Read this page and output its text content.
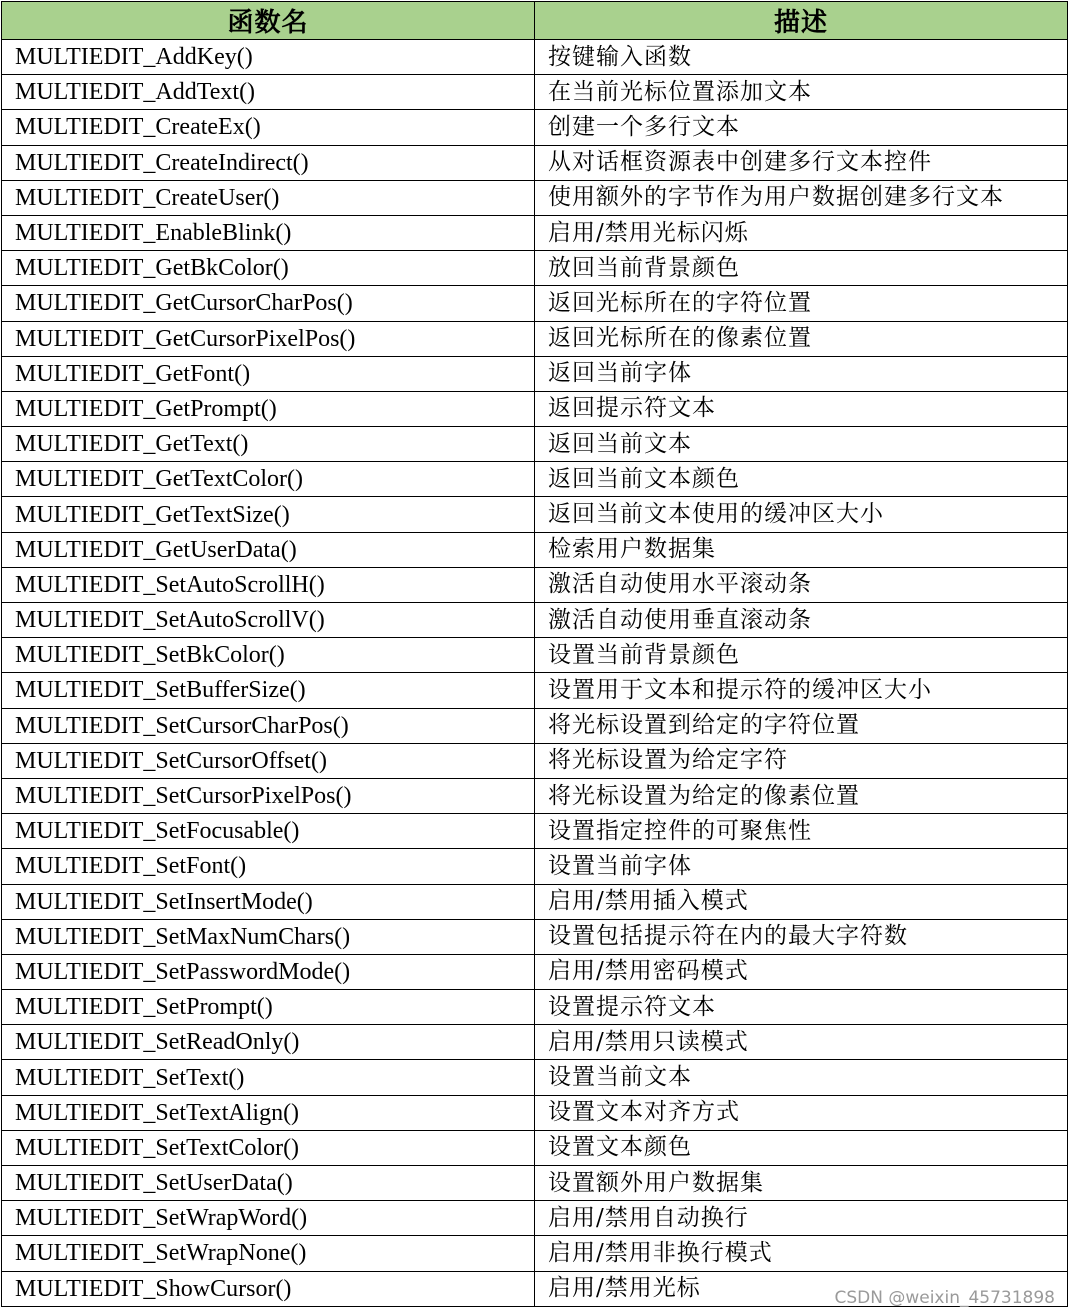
函数名	描述
MULTIEDIT_AddKey()	按键输入函数
MULTIEDIT_AddText()	在当前光标位置添加文本
MULTIEDIT_CreateEx()	创建一个多行文本
MULTIEDIT_CreateIndirect()	从对话框资源表中创建多行文本控件
MULTIEDIT_CreateUser()	使用额外的字节作为用户数据创建多行文本
MULTIEDIT_EnableBlink()	启用/禁用光标闪烁
MULTIEDIT_GetBkColor()	放回当前背景颜色
MULTIEDIT_GetCursorCharPos()	返回光标所在的字符位置
MULTIEDIT_GetCursorPixelPos()	返回光标所在的像素位置
MULTIEDIT_GetFont()	返回当前字体
MULTIEDIT_GetPrompt()	返回提示符文本
MULTIEDIT_GetText()	返回当前文本
MULTIEDIT_GetTextColor()	返回当前文本颜色
MULTIEDIT_GetTextSize()	返回当前文本使用的缓冲区大小
MULTIEDIT_GetUserData()	检索用户数据集
MULTIEDIT_SetAutoScrollH()	激活自动使用水平滚动条
MULTIEDIT_SetAutoScrollV()	激活自动使用垂直滚动条
MULTIEDIT_SetBkColor()	设置当前背景颜色
MULTIEDIT_SetBufferSize()	设置用于文本和提示符的缓冲区大小
MULTIEDIT_SetCursorCharPos()	将光标设置到给定的字符位置
MULTIEDIT_SetCursorOffset()	将光标设置为给定字符
MULTIEDIT_SetCursorPixelPos()	将光标设置为给定的像素位置
MULTIEDIT_SetFocusable()	设置指定控件的可聚焦性
MULTIEDIT_SetFont()	设置当前字体
MULTIEDIT_SetInsertMode()	启用/禁用插入模式
MULTIEDIT_SetMaxNumChars()	设置包括提示符在内的最大字符数
MULTIEDIT_SetPasswordMode()	启用/禁用密码模式
MULTIEDIT_SetPrompt()	设置提示符文本
MULTIEDIT_SetReadOnly()	启用/禁用只读模式
MULTIEDIT_SetText()	设置当前文本
MULTIEDIT_SetTextAlign()	设置文本对齐方式
MULTIEDIT_SetTextColor()	设置文本颜色
MULTIEDIT_SetUserData()	设置额外用户数据集
MULTIEDIT_SetWrapWord()	启用/禁用自动换行
MULTIEDIT_SetWrapNone()	启用/禁用非换行模式
MULTIEDIT_ShowCursor()	启用/禁用光标	CSDN @weixin_45731898
